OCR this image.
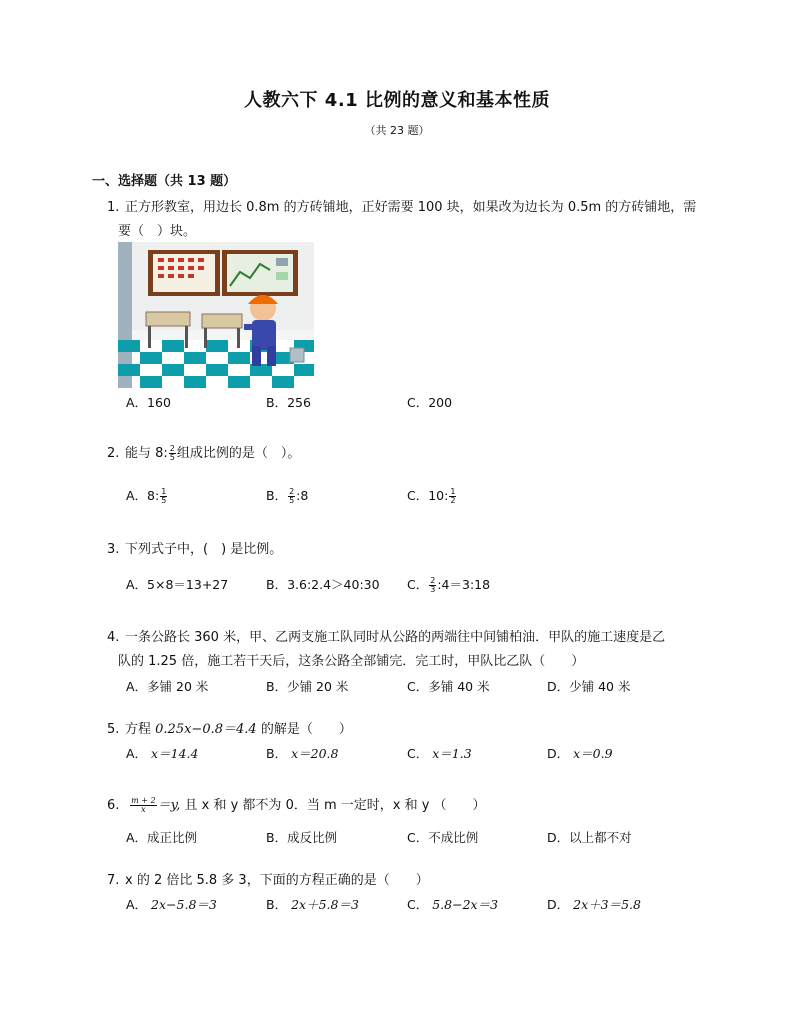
人教六下 4.1 比例的意义和基本性质
（共 23 题）
一、选择题（共 13 题）
1. 正方形教室，用边长 0.8m 的方砖铺地，正好需要 100 块，如果改为边长为 0.5m 的方砖铺地，需
要（　）块。
A．160	B．256	C．200
2. 能与 8: $\frac{2}{5}$ 组成比例的是（　）。
A．8: $\frac{1}{5}$	B． $\frac{2}{5}$ :8	C．10: $\frac{1}{2}$
3. 下列式子中，(　) 是比例。
A．5×8＝13+27	B．3.6:2.4＞40:30 C． $\frac{2}{3}$ :4＝3:18
4. 一条公路长 360 米，甲、乙两支施工队同时从公路的两端往中间铺柏油．甲队的施工速度是乙
队的 1.25 倍，施工若干天后，这条公路全部铺完．完工时，甲队比乙队（　　）
A．多铺 20 米	B．少铺 20 米	C．多铺 40 米	D．少铺 40 米
5. 方程 0.25x−0.8＝4.4 的解是（　　）
A． x＝14.4	B． x＝20.8	C． x＝1.3	D． x＝0.9
6. $\frac{m + 2}{x} =y$, 且 x 和 y 都不为 0．当 m 一定时，x 和 y （　　）
A．成正比例	B．成反比例	C．不成比例	D．以上都不对
7. x 的 2 倍比 5.8 多 3，下面的方程正确的是（　　）
A． 2x−5.8＝3	B． 2x＋5.8＝3	C． 5.8−2x＝3	D． 2x＋3＝5.8
